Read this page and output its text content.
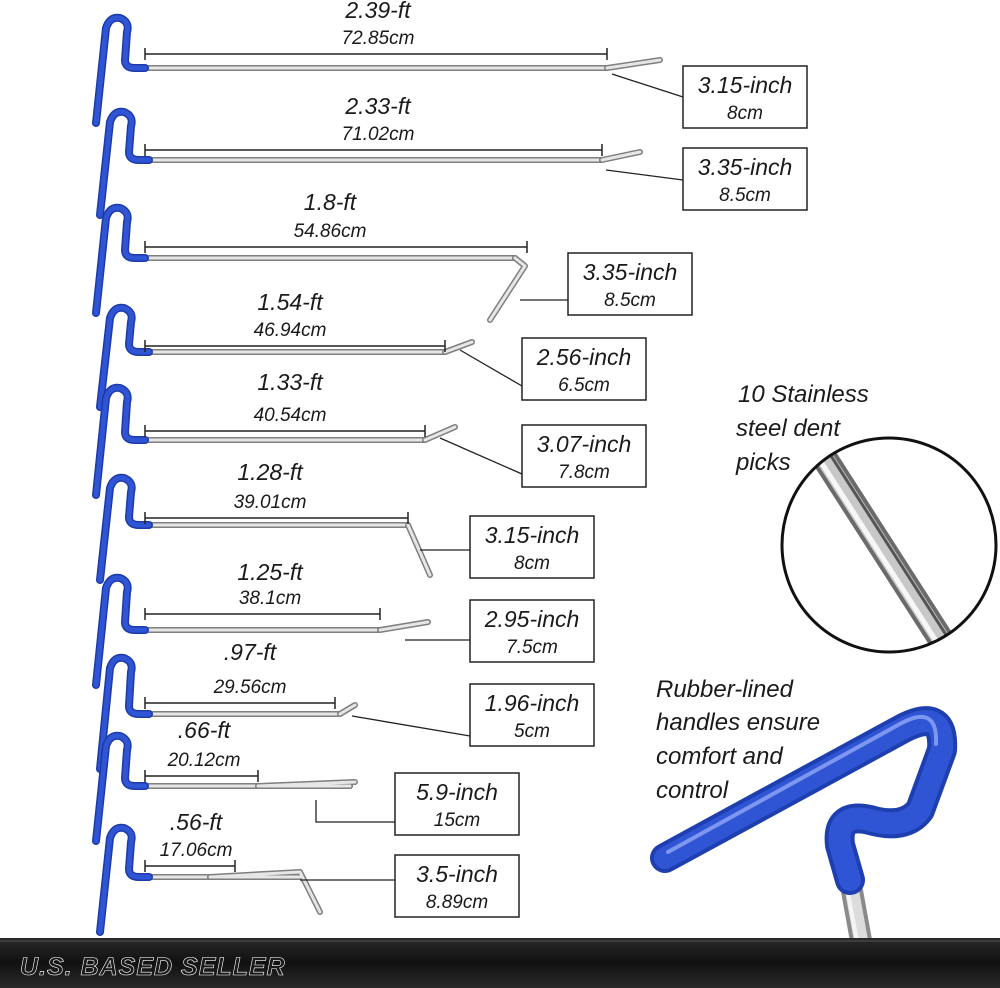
2.39-ft
72.85cm
3.15-inch
8cm
2.33-ft
71.02cm
3.35-inch
8.5cm
1.8-ft
54.86cm
3.35-inch
8.5cm
1.54-ft
46.94cm
2.56-inch
6.5cm
1.33-ft
40.54cm
3.07-inch
7.8cm
1.28-ft
39.01cm
3.15-inch
8cm
1.25-ft
38.1cm
2.95-inch
7.5cm
.97-ft
29.56cm
1.96-inch
5cm
.66-ft
20.12cm
5.9-inch
15cm
.56-ft
17.06cm
3.5-inch
8.89cm
10 Stainless
steel dent
picks
Rubber-lined
handles ensure
comfort and
control
U.S. BASED SELLER
